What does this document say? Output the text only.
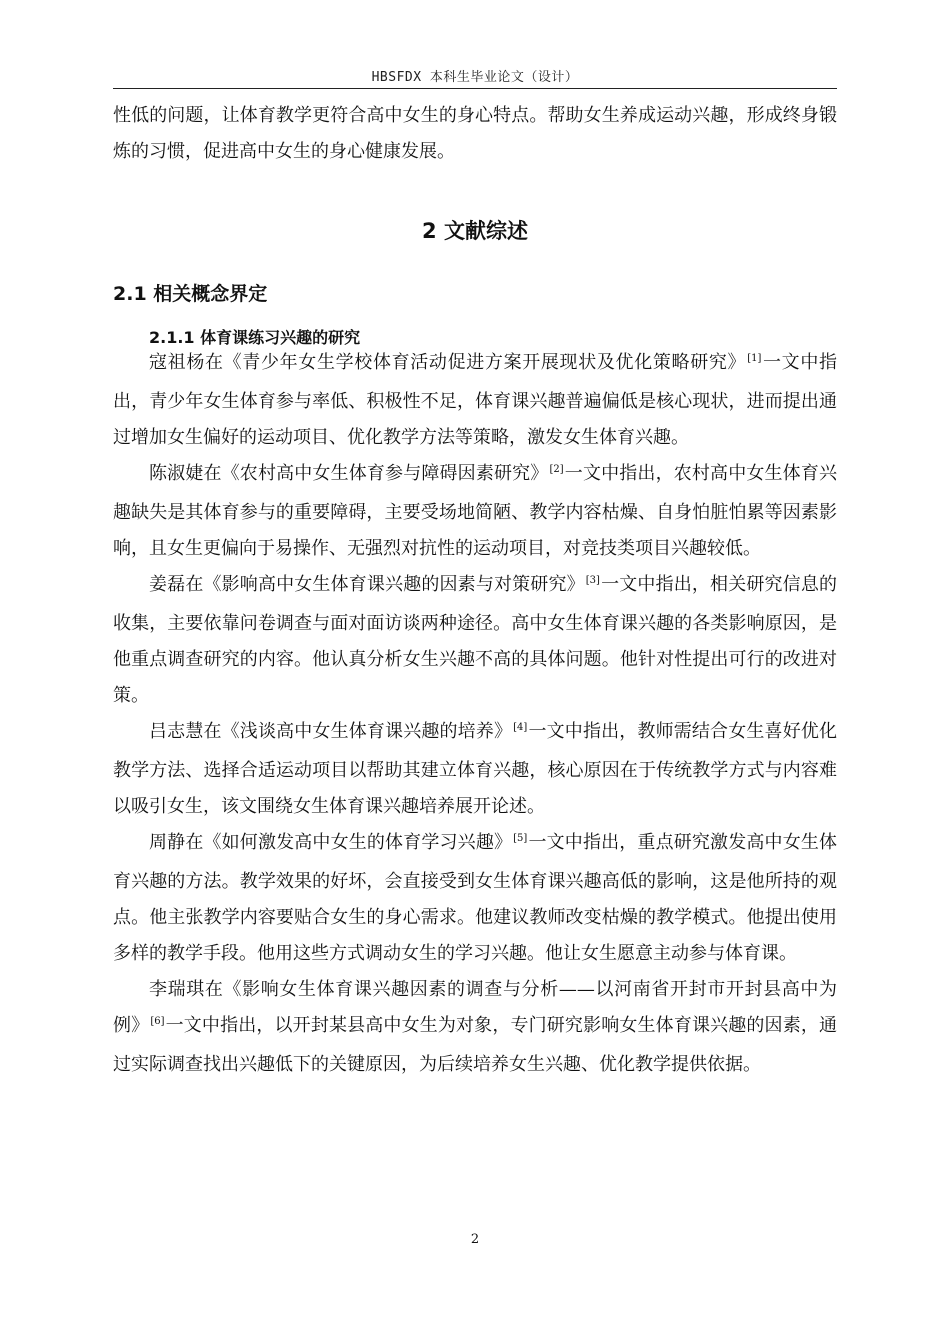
HBSFDX 本科生毕业论文（设计）

性低的问题，让体育教学更符合高中女生的身心特点。帮助女生养成运动兴趣，形成终身锻炼的习惯，促进高中女生的身心健康发展。

2 文献综述
2.1 相关概念界定
2.1.1 体育课练习兴趣的研究

寇祖杨在《青少年女生学校体育活动促进方案开展现状及优化策略研究》[1]一文中指出，青少年女生体育参与率低、积极性不足，体育课兴趣普遍偏低是核心现状，进而提出通过增加女生偏好的运动项目、优化教学方法等策略，激发女生体育兴趣。

陈淑婕在《农村高中女生体育参与障碍因素研究》[2]一文中指出，农村高中女生体育兴趣缺失是其体育参与的重要障碍，主要受场地简陋、教学内容枯燥、自身怕脏怕累等因素影响，且女生更偏向于易操作、无强烈对抗性的运动项目，对竞技类项目兴趣较低。

姜磊在《影响高中女生体育课兴趣的因素与对策研究》[3]一文中指出，相关研究信息的收集，主要依靠问卷调查与面对面访谈两种途径。高中女生体育课兴趣的各类影响原因，是他重点调查研究的内容。他认真分析女生兴趣不高的具体问题。他针对性提出可行的改进对策。

吕志慧在《浅谈高中女生体育课兴趣的培养》[4]一文中指出，教师需结合女生喜好优化教学方法、选择合适运动项目以帮助其建立体育兴趣，核心原因在于传统教学方式与内容难以吸引女生，该文围绕女生体育课兴趣培养展开论述。

周静在《如何激发高中女生的体育学习兴趣》[5]一文中指出，重点研究激发高中女生体育兴趣的方法。教学效果的好坏，会直接受到女生体育课兴趣高低的影响，这是他所持的观点。他主张教学内容要贴合女生的身心需求。他建议教师改变枯燥的教学模式。他提出使用多样的教学手段。他用这些方式调动女生的学习兴趣。他让女生愿意主动参与体育课。

李瑞琪在《影响女生体育课兴趣因素的调查与分析——以河南省开封市开封县高中为例》[6]一文中指出，以开封某县高中女生为对象，专门研究影响女生体育课兴趣的因素，通过实际调查找出兴趣低下的关键原因，为后续培养女生兴趣、优化教学提供依据。

2
